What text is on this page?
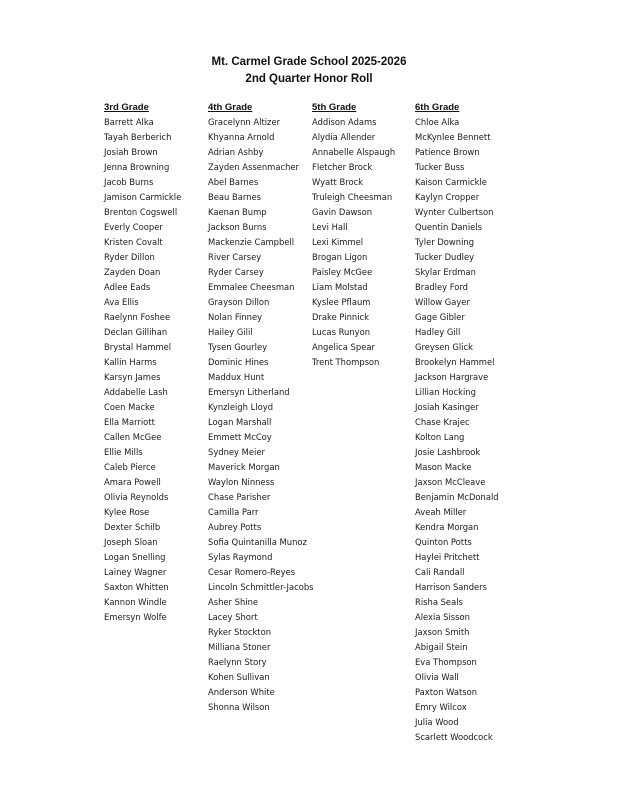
Mt. Carmel Grade School 2025-2026
2nd Quarter Honor Roll
3rd Grade
Barrett Alka
Tayah Berberich
Josiah Brown
Jenna Browning
Jacob Burns
Jamison Carmickle
Brenton Cogswell
Everly Cooper
Kristen Covalt
Ryder Dillon
Zayden Doan
Adlee Eads
Ava Ellis
Raelynn Foshee
Declan Gillihan
Brystal Hammel
Kallin Harms
Karsyn James
Addabelle Lash
Coen Macke
Ella Marriott
Callen McGee
Ellie Mills
Caleb Pierce
Amara Powell
Olivia Reynolds
Kylee Rose
Dexter Schilb
Joseph Sloan
Logan Snelling
Lainey Wagner
Saxton Whitten
Kannon Windle
Emersyn Wolfe
4th Grade
Gracelynn Altizer
Khyanna Arnold
Adrian Ashby
Zayden Assenmacher
Abel Barnes
Beau Barnes
Kaenan Bump
Jackson Burns
Mackenzie Campbell
River Carsey
Ryder Carsey
Emmalee Cheesman
Grayson Dillon
Nolan Finney
Hailey Gilil
Tysen Gourley
Dominic Hines
Maddux Hunt
Emersyn Litherland
Kynzleigh Lloyd
Logan Marshall
Emmett McCoy
Sydney Meier
Maverick Morgan
Waylon Ninness
Chase Parisher
Camilla Parr
Aubrey Potts
Sofia Quintanilla Munoz
Sylas Raymond
Cesar Romero-Reyes
Lincoln Schmittler-Jacobs
Asher Shine
Lacey Short
Ryker Stockton
Milliana Stoner
Raelynn Story
Kohen Sullivan
Anderson White
Shonna Wilson
5th Grade
Addison Adams
Alydia Allender
Annabelle Alspaugh
Fletcher Brock
Wyatt Brock
Truleigh Cheesman
Gavin Dawson
Levi Hall
Lexi Kimmel
Brogan Ligon
Paisley McGee
Liam Molstad
Kyslee Pflaum
Drake Pinnick
Lucas Runyon
Angelica Spear
Trent Thompson
6th Grade
Chloe Alka
McKynlee Bennett
Patience Brown
Tucker Buss
Kaison Carmickle
Kaylyn Cropper
Wynter Culbertson
Quentin Daniels
Tyler Downing
Tucker Dudley
Skylar Erdman
Bradley Ford
Willow Gayer
Gage Gibler
Hadley Gill
Greysen Glick
Brookelyn Hammel
Jackson Hargrave
Lillian Hocking
Josiah Kasinger
Chase Krajec
Kolton Lang
Josie Lashbrook
Mason Macke
Jaxson McCleave
Benjamin McDonald
Aveah Miller
Kendra Morgan
Quinton Potts
Haylei Pritchett
Cali Randall
Harrison Sanders
Risha Seals
Alexia Sisson
Jaxson Smith
Abigail Stein
Eva Thompson
Olivia Wall
Paxton Watson
Emry Wilcox
Julia Wood
Scarlett Woodcock
